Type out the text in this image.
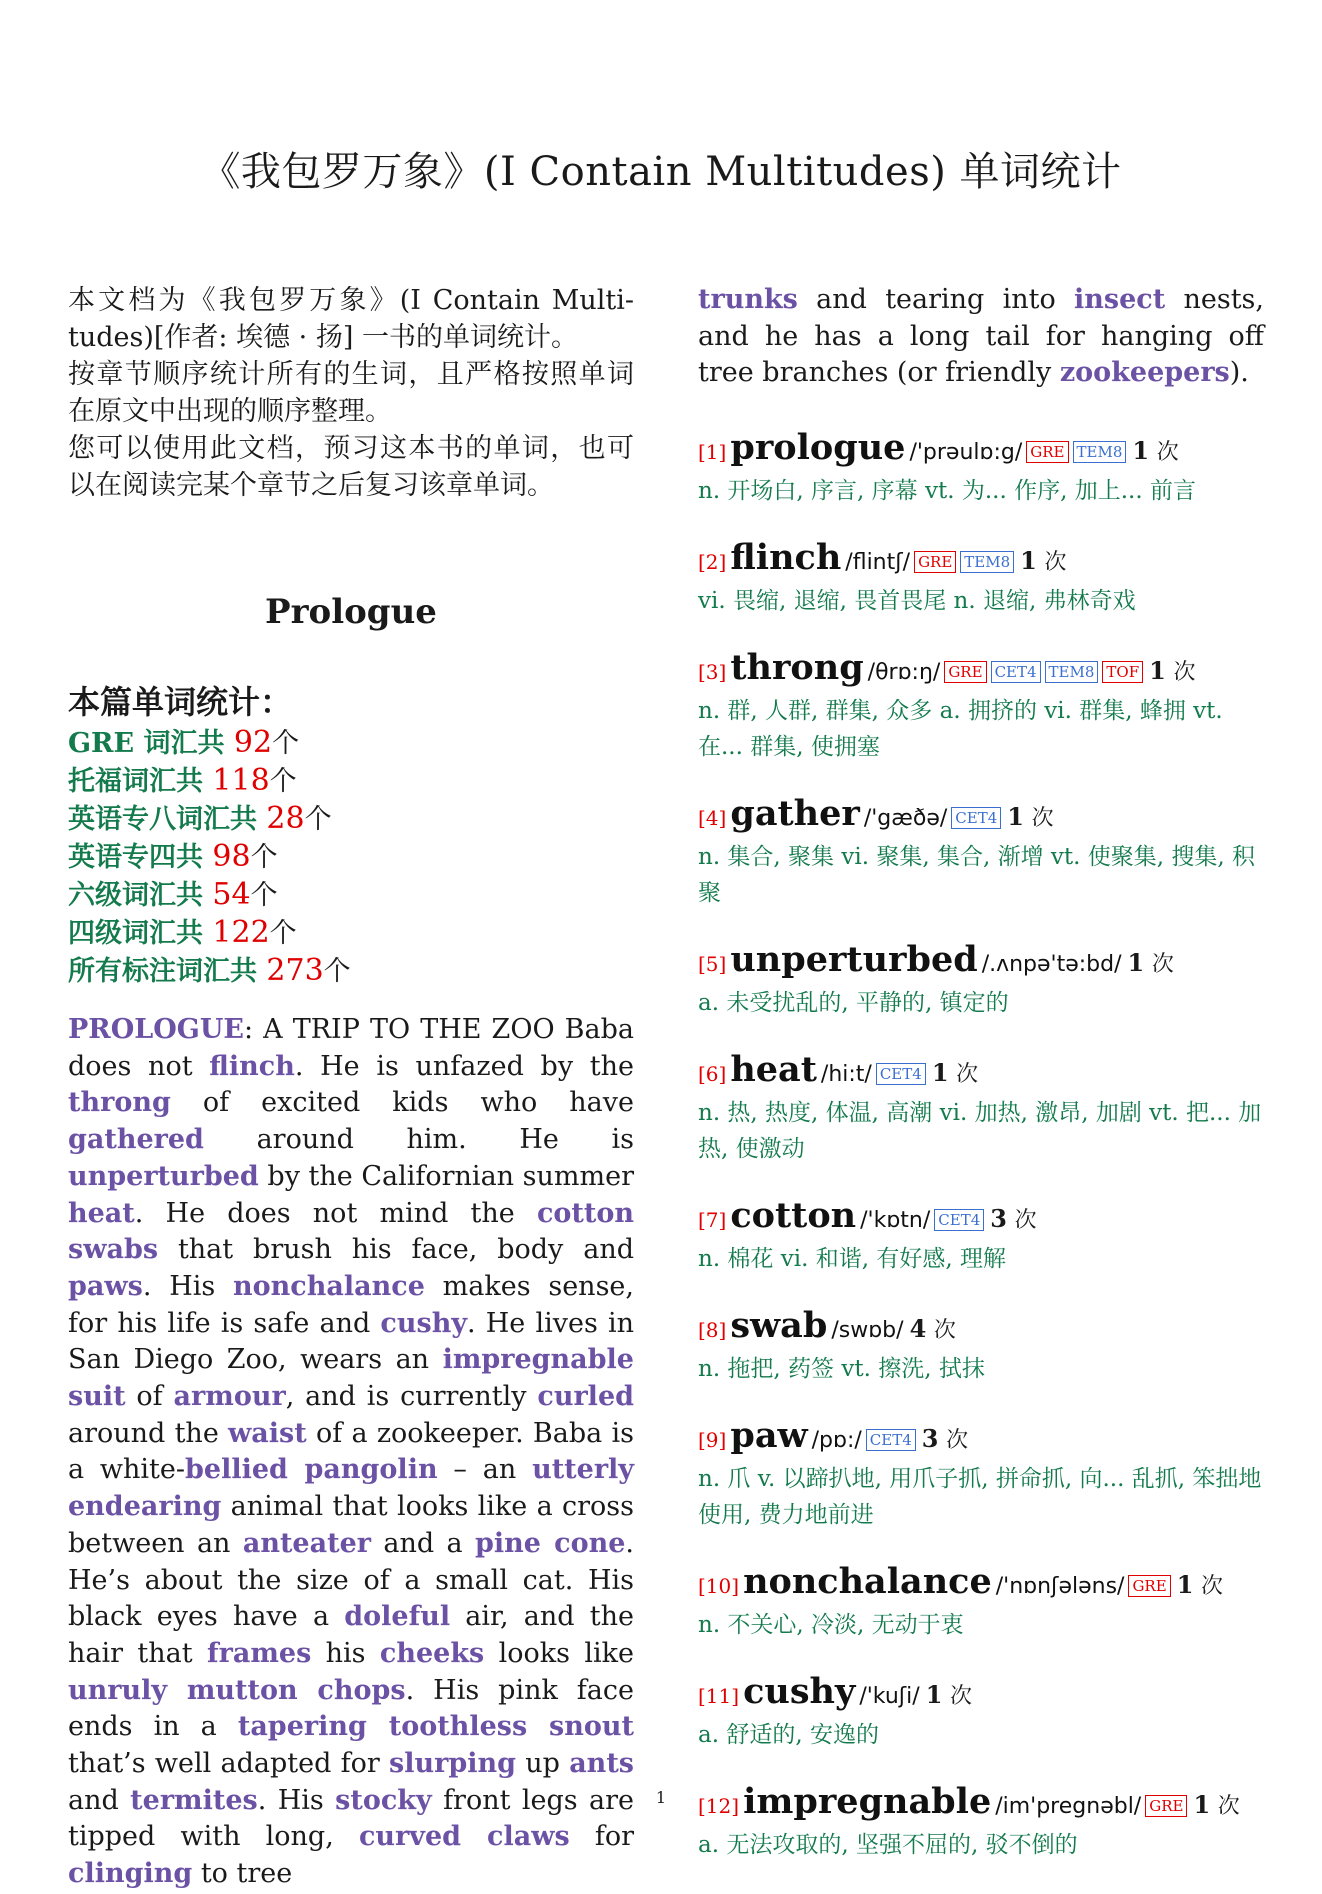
《我包罗万象》(I Contain Multitudes) 单词统计

本文档为《我包罗万象》(I Contain Multi-tudes)[作者: 埃德 · 扬] 一书的单词统计。

按章节顺序统计所有的生词，且严格按照单词在原文中出现的顺序整理。

您可以使用此文档，预习这本书的单词，也可以在阅读完某个章节之后复习该章单词。

Prologue
本篇单词统计：
GRE 词汇共 92个
托福词汇共 118个
英语专八词汇共 28个
英语专四共 98个
六级词汇共 54个
四级词汇共 122个
所有标注词汇共 273个
PROLOGUE: A TRIP TO THE ZOO Baba does not flinch. He is unfazed by the throng of excited kids who have gathered around him. He is unperturbed by the Californian summer heat. He does not mind the cotton swabs that brush his face, body and paws. His nonchalance makes sense, for his life is safe and cushy. He lives in San Diego Zoo, wears an impregnable suit of armour, and is currently curled around the waist of a zookeeper. Baba is a white-bellied pangolin – an utterly endearing animal that looks like a cross between an anteater and a pine cone. He’s about the size of a small cat. His black eyes have a doleful air, and the hair that frames his cheeks looks like unruly mutton chops. His pink face ends in a tapering toothless snout that’s well adapted for slurping up ants and termites. His stocky front legs are tipped with long, curved claws for clinging to tree
trunks and tearing into insect nests, and he has a long tail for hanging off tree branches (or friendly zookeepers).
[1] prologue /'prəulɒ:g/ GRE TEM8 1 次
n. 开场白, 序言, 序幕 vt. 为... 作序, 加上... 前言
[2] flinch /flintʃ/ GRE TEM8 1 次
vi. 畏缩, 退缩, 畏首畏尾 n. 退缩, 弗林奇戏
[3] throng /θrɒ:ŋ/ GRE CET4 TEM8 TOF 1 次
n. 群, 人群, 群集, 众多 a. 拥挤的 vi. 群集, 蜂拥 vt. 在... 群集, 使拥塞
[4] gather /'gæðə/ CET4 1 次
n. 集合, 聚集 vi. 聚集, 集合, 渐增 vt. 使聚集, 搜集, 积聚
[5] unperturbed /.ʌnpə'tə:bd/ 1 次
a. 未受扰乱的, 平静的, 镇定的
[6] heat /hi:t/ CET4 1 次
n. 热, 热度, 体温, 高潮 vi. 加热, 激昂, 加剧 vt. 把... 加热, 使激动
[7] cotton /'kɒtn/ CET4 3 次
n. 棉花 vi. 和谐, 有好感, 理解
[8] swab /swɒb/ 4 次
n. 拖把, 药签 vt. 擦洗, 拭抹
[9] paw /pɒ:/ CET4 3 次
n. 爪 v. 以蹄扒地, 用爪子抓, 拼命抓, 向... 乱抓, 笨拙地使用, 费力地前进
[10] nonchalance /'nɒnʃələns/ GRE 1 次
n. 不关心, 冷淡, 无动于衷
[11] cushy /'kuʃi/ 1 次
a. 舒适的, 安逸的
[12] impregnable /im'pregnəbl/ GRE 1 次
a. 无法攻取的, 坚强不屈的, 驳不倒的
1
